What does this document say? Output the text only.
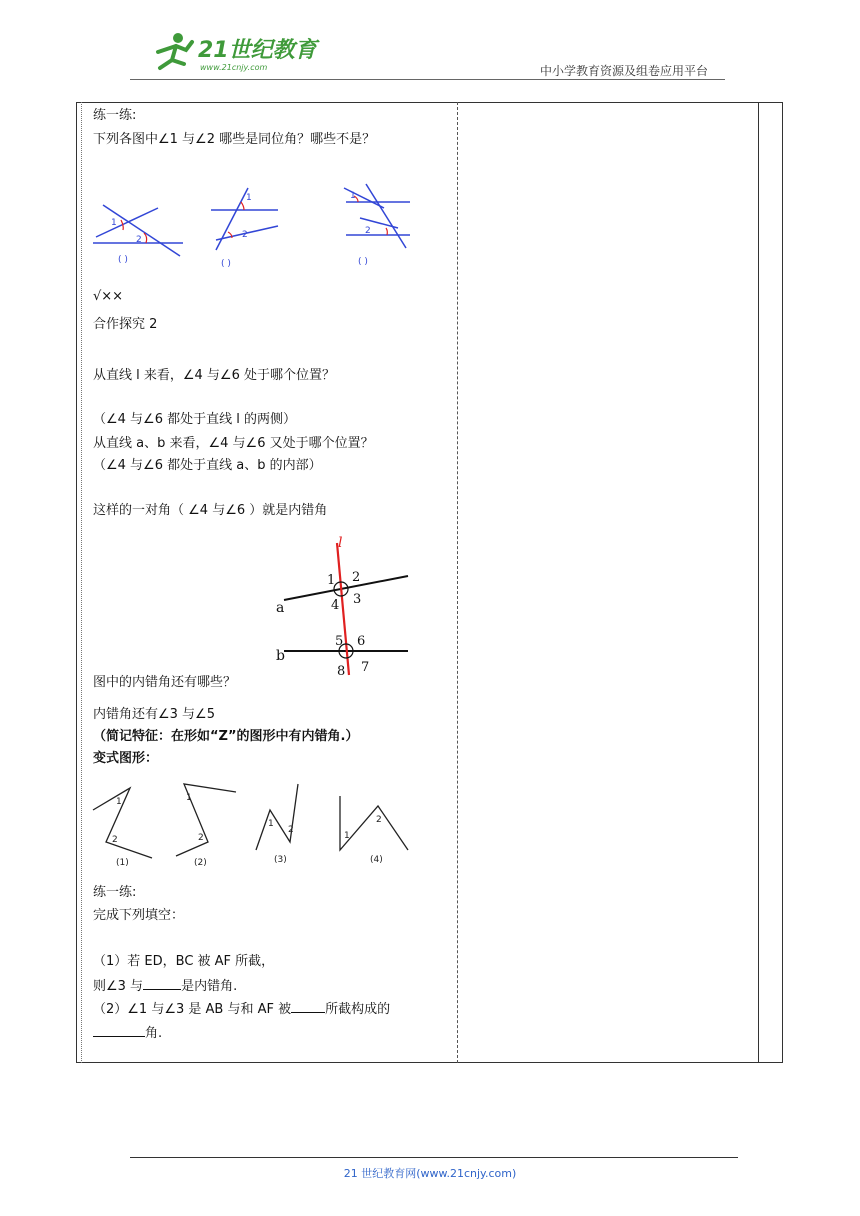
21世纪教育
www.21cnjy.com	中小学教育资源及组卷应用平台
练一练:
下列各图中∠1 与∠2 哪些是同位角？哪些不是？
1
2
( )
1
2
( )
1
2
( )
√××
合作探究 2
从直线 l 来看，∠4 与∠6 处于哪个位置？
（∠4 与∠6 都处于直线 l 的两侧）
从直线 a、b 来看，∠4 与∠6 又处于哪个位置？
（∠4 与∠6 都处于直线 a、b 的内部）
这样的一对角（ ∠4 与∠6 ）就是内错角
l
a
b
1 2
3
4
5 6
7
8
图中的内错角还有哪些？
内错角还有∠3 与∠5
（简记特征：在形如“Z”的图形中有内错角.）
变式图形：
1
2
(1)
1
2
(2)
1
2
(3)
1
2
(4)
练一练:
完成下列填空：
（1）若 ED，BC 被 AF 所截，
则∠3 与	是内错角.
（2）∠1 与∠3 是 AB 与和 AF 被	所截构成的
角.
21 世纪教育网(www.21cnjy.com)
